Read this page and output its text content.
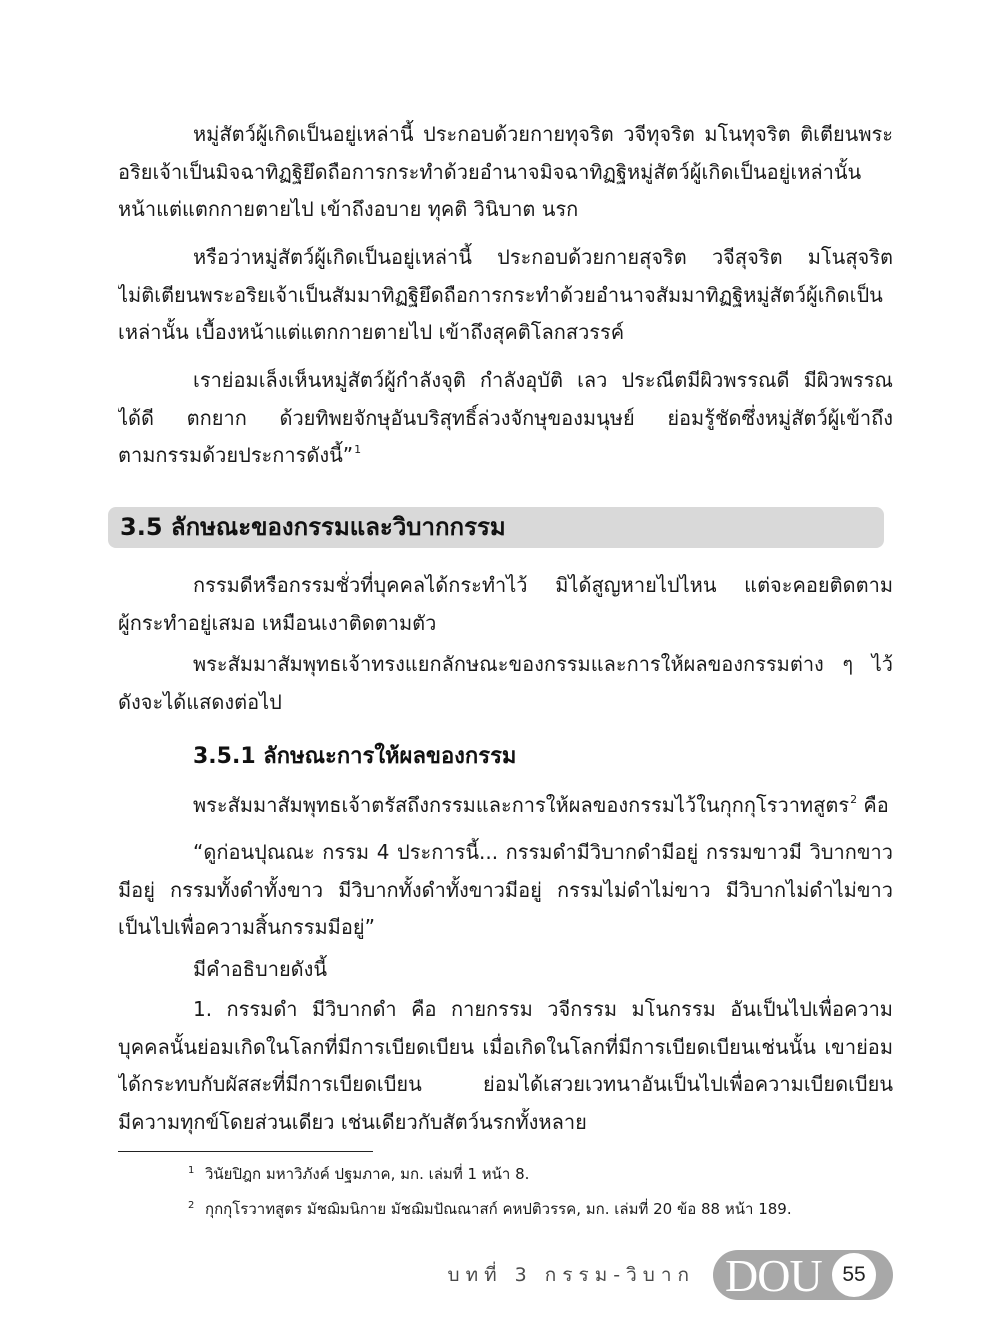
หมู่สัตว์ผู้เกิดเป็นอยู่เหล่านี้ ประกอบด้วยกายทุจริต วจีทุจริต มโนทุจริต ติเตียนพระ
อริยเจ้าเป็นมิจฉาทิฏฐิยึดถือการกระทำด้วยอำนาจมิจฉาทิฏฐิหมู่สัตว์ผู้เกิดเป็นอยู่เหล่านั้น
หน้าแต่แตกกายตายไป เข้าถึงอบาย ทุคติ วินิบาต นรก
หรือว่าหมู่สัตว์ผู้เกิดเป็นอยู่เหล่านี้ ประกอบด้วยกายสุจริต วจีสุจริต มโนสุจริต
ไม่ติเตียนพระอริยเจ้าเป็นสัมมาทิฏฐิยึดถือการกระทำด้วยอำนาจสัมมาทิฏฐิหมู่สัตว์ผู้เกิดเป็น
เหล่านั้น เบื้องหน้าแต่แตกกายตายไป เข้าถึงสุคติโลกสวรรค์
เราย่อมเล็งเห็นหมู่สัตว์ผู้กำลังจุติ กำลังอุบัติ เลว ประณีตมีผิวพรรณดี มีผิวพรรณ
ได้ดี ตกยาก ด้วยทิพยจักษุอันบริสุทธิ์ล่วงจักษุของมนุษย์ ย่อมรู้ชัดซึ่งหมู่สัตว์ผู้เข้าถึง
ตามกรรมด้วยประการดังนี้”$^1$
3.5 ลักษณะของกรรมและวิบากกรรม
กรรมดีหรือกรรมชั่วที่บุคคลได้กระทำไว้ มิได้สูญหายไปไหน แต่จะคอยติดตาม
ผู้กระทำอยู่เสมอ เหมือนเงาติดตามตัว
พระสัมมาสัมพุทธเจ้าทรงแยกลักษณะของกรรมและการให้ผลของกรรมต่าง ๆ ไว้
ดังจะได้แสดงต่อไป
3.5.1 ลักษณะการให้ผลของกรรม
พระสัมมาสัมพุทธเจ้าตรัสถึงกรรมและการให้ผลของกรรมไว้ในกุกกุโรวาทสูตร$^2$ คือ
“ดูก่อนปุณณะ กรรม 4 ประการนี้... กรรมดำมีวิบากดำมีอยู่ กรรมขาวมี วิบากขาว
มีอยู่ กรรมทั้งดำทั้งขาว มีวิบากทั้งดำทั้งขาวมีอยู่ กรรมไม่ดำไม่ขาว มีวิบากไม่ดำไม่ขาว
เป็นไปเพื่อความสิ้นกรรมมีอยู่”
มีคำอธิบายดังนี้
1. กรรมดำ มีวิบากดำ คือ กายกรรม วจีกรรม มโนกรรม อันเป็นไปเพื่อความ
บุคคลนั้นย่อมเกิดในโลกที่มีการเบียดเบียน เมื่อเกิดในโลกที่มีการเบียดเบียนเช่นนั้น เขาย่อม
ได้กระทบกับผัสสะที่มีการเบียดเบียน ย่อมได้เสวยเวทนาอันเป็นไปเพื่อความเบียดเบียน
มีความทุกข์โดยส่วนเดียว เช่นเดียวกับสัตว์นรกทั้งหลาย
1 วินัยปิฎก มหาวิภังค์ ปฐมภาค, มก. เล่มที่ 1 หน้า 8.
2 กุกกุโรวาทสูตร มัชฌิมนิกาย มัชฌิมปัณณาสก์ คหปติวรรค, มก. เล่มที่ 20 ข้อ 88 หน้า 189.
บทที่ 3 กรรม-วิบาก DOU 55
